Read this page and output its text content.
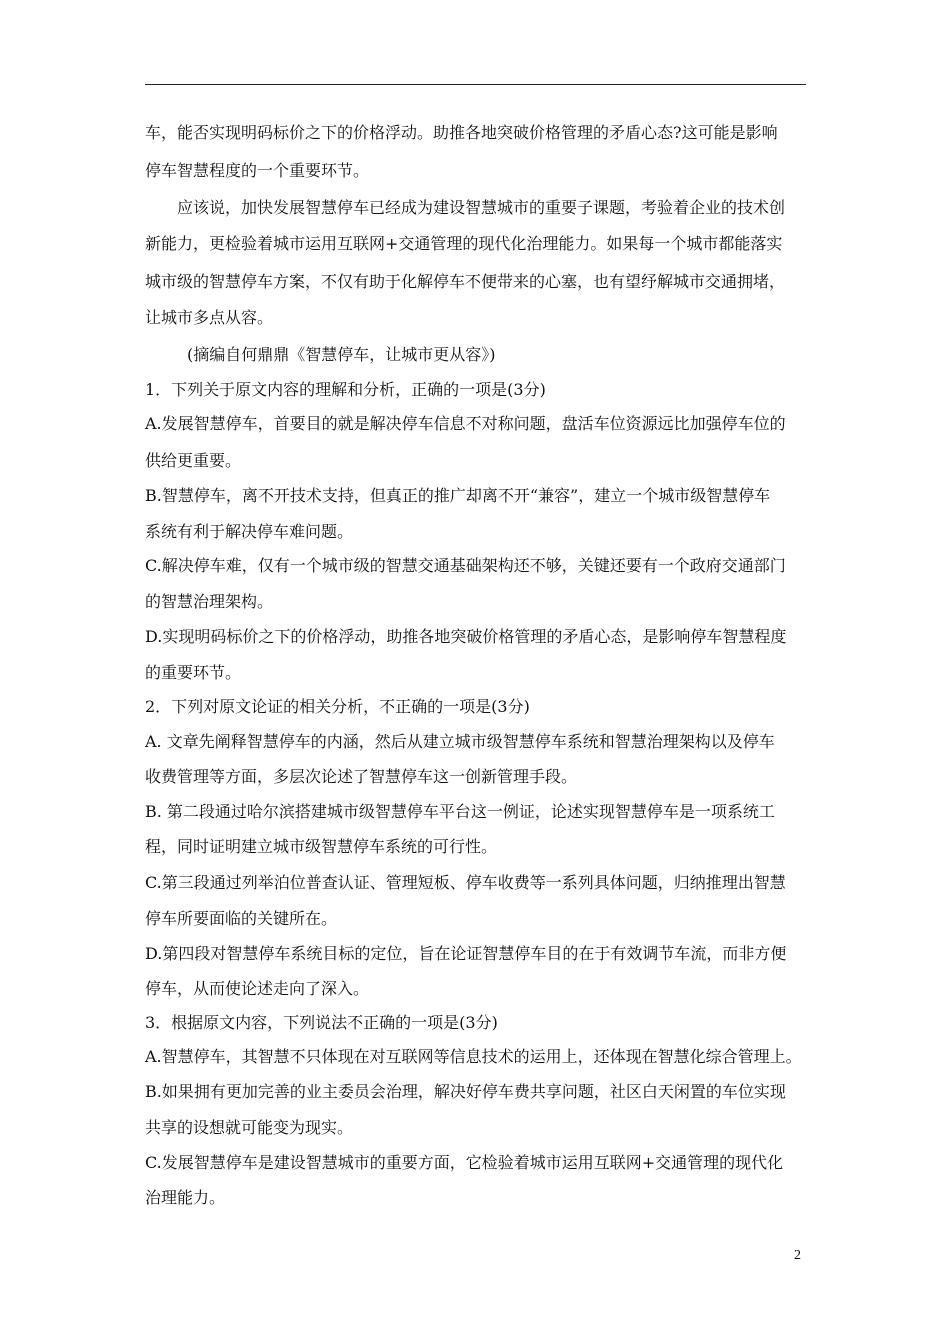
车，能否实现明码标价之下的价格浮动。助推各地突破价格管理的矛盾心态?这可能是影响
停车智慧程度的一个重要环节。
应该说，加快发展智慧停车已经成为建设智慧城市的重要子课题，考验着企业的技术创
新能力，更检验着城市运用互联网+交通管理的现代化治理能力。如果每一个城市都能落实
城市级的智慧停车方案，不仅有助于化解停车不便带来的心塞，也有望纾解城市交通拥堵，
让城市多点从容。
(摘编自何鼎鼎《智慧停车，让城市更从容》)
1．下列关于原文内容的理解和分析，正确的一项是(3分)
A.发展智慧停车，首要目的就是解决停车信息不对称问题，盘活车位资源远比加强停车位的
供给更重要。
B.智慧停车，离不开技术支持，但真正的推广却离不开“兼容”，建立一个城市级智慧停车
系统有利于解决停车难问题。
C.解决停车难，仅有一个城市级的智慧交通基础架构还不够，关键还要有一个政府交通部门
的智慧治理架构。
D.实现明码标价之下的价格浮动，助推各地突破价格管理的矛盾心态，是影响停车智慧程度
的重要环节。
2．下列对原文论证的相关分析，不正确的一项是(3分)
A. 文章先阐释智慧停车的内涵，然后从建立城市级智慧停车系统和智慧治理架构以及停车
收费管理等方面，多层次论述了智慧停车这一创新管理手段。
B. 第二段通过哈尔滨搭建城市级智慧停车平台这一例证，论述实现智慧停车是一项系统工
程，同时证明建立城市级智慧停车系统的可行性。
C.第三段通过列举泊位普查认证、管理短板、停车收费等一系列具体问题，归纳推理出智慧
停车所要面临的关键所在。
D.第四段对智慧停车系统目标的定位，旨在论证智慧停车目的在于有效调节车流，而非方便
停车，从而使论述走向了深入。
3．根据原文内容，下列说法不正确的一项是(3分)
A.智慧停车，其智慧不只体现在对互联网等信息技术的运用上，还体现在智慧化综合管理上。
B.如果拥有更加完善的业主委员会治理，解决好停车费共享问题，社区白天闲置的车位实现
共享的设想就可能变为现实。
C.发展智慧停车是建设智慧城市的重要方面，它检验着城市运用互联网+交通管理的现代化
治理能力。
2
